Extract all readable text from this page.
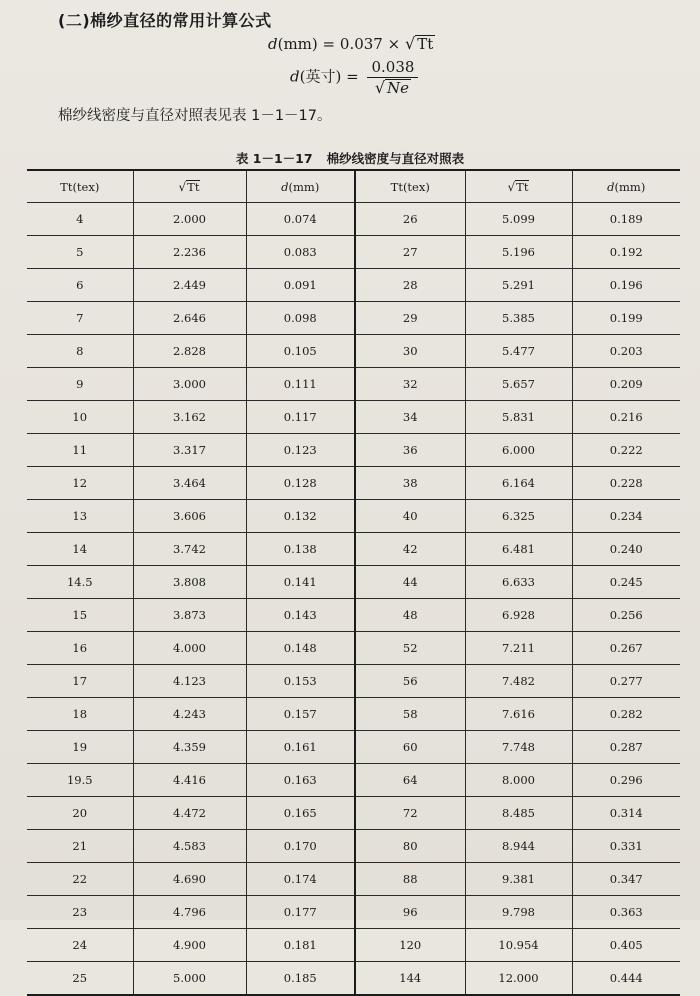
(二)棉纱直径的常用计算公式
d(mm) = 0.037 × √ Tt
d(英寸) = $\frac{0.038}{√ Ne}$
棉纱线密度与直径对照表见表 1－1－17。
表 1－1－17 棉纱线密度与直径对照表
Tt(tex)	√Tt	d(mm)	Tt(tex)	√Tt	d(mm)
4	2.000	0.074	26	5.099	0.189
5	2.236	0.083	27	5.196	0.192
6	2.449	0.091	28	5.291	0.196
7	2.646	0.098	29	5.385	0.199
8	2.828	0.105	30	5.477	0.203
9	3.000	0.111	32	5.657	0.209
10	3.162	0.117	34	5.831	0.216
11	3.317	0.123	36	6.000	0.222
12	3.464	0.128	38	6.164	0.228
13	3.606	0.132	40	6.325	0.234
14	3.742	0.138	42	6.481	0.240
14.5	3.808	0.141	44	6.633	0.245
15	3.873	0.143	48	6.928	0.256
16	4.000	0.148	52	7.211	0.267
17	4.123	0.153	56	7.482	0.277
18	4.243	0.157	58	7.616	0.282
19	4.359	0.161	60	7.748	0.287
19.5	4.416	0.163	64	8.000	0.296
20	4.472	0.165	72	8.485	0.314
21	4.583	0.170	80	8.944	0.331
22	4.690	0.174	88	9.381	0.347
23	4.796	0.177	96	9.798	0.363
24	4.900	0.181	120	10.954	0.405
25	5.000	0.185	144	12.000	0.444
